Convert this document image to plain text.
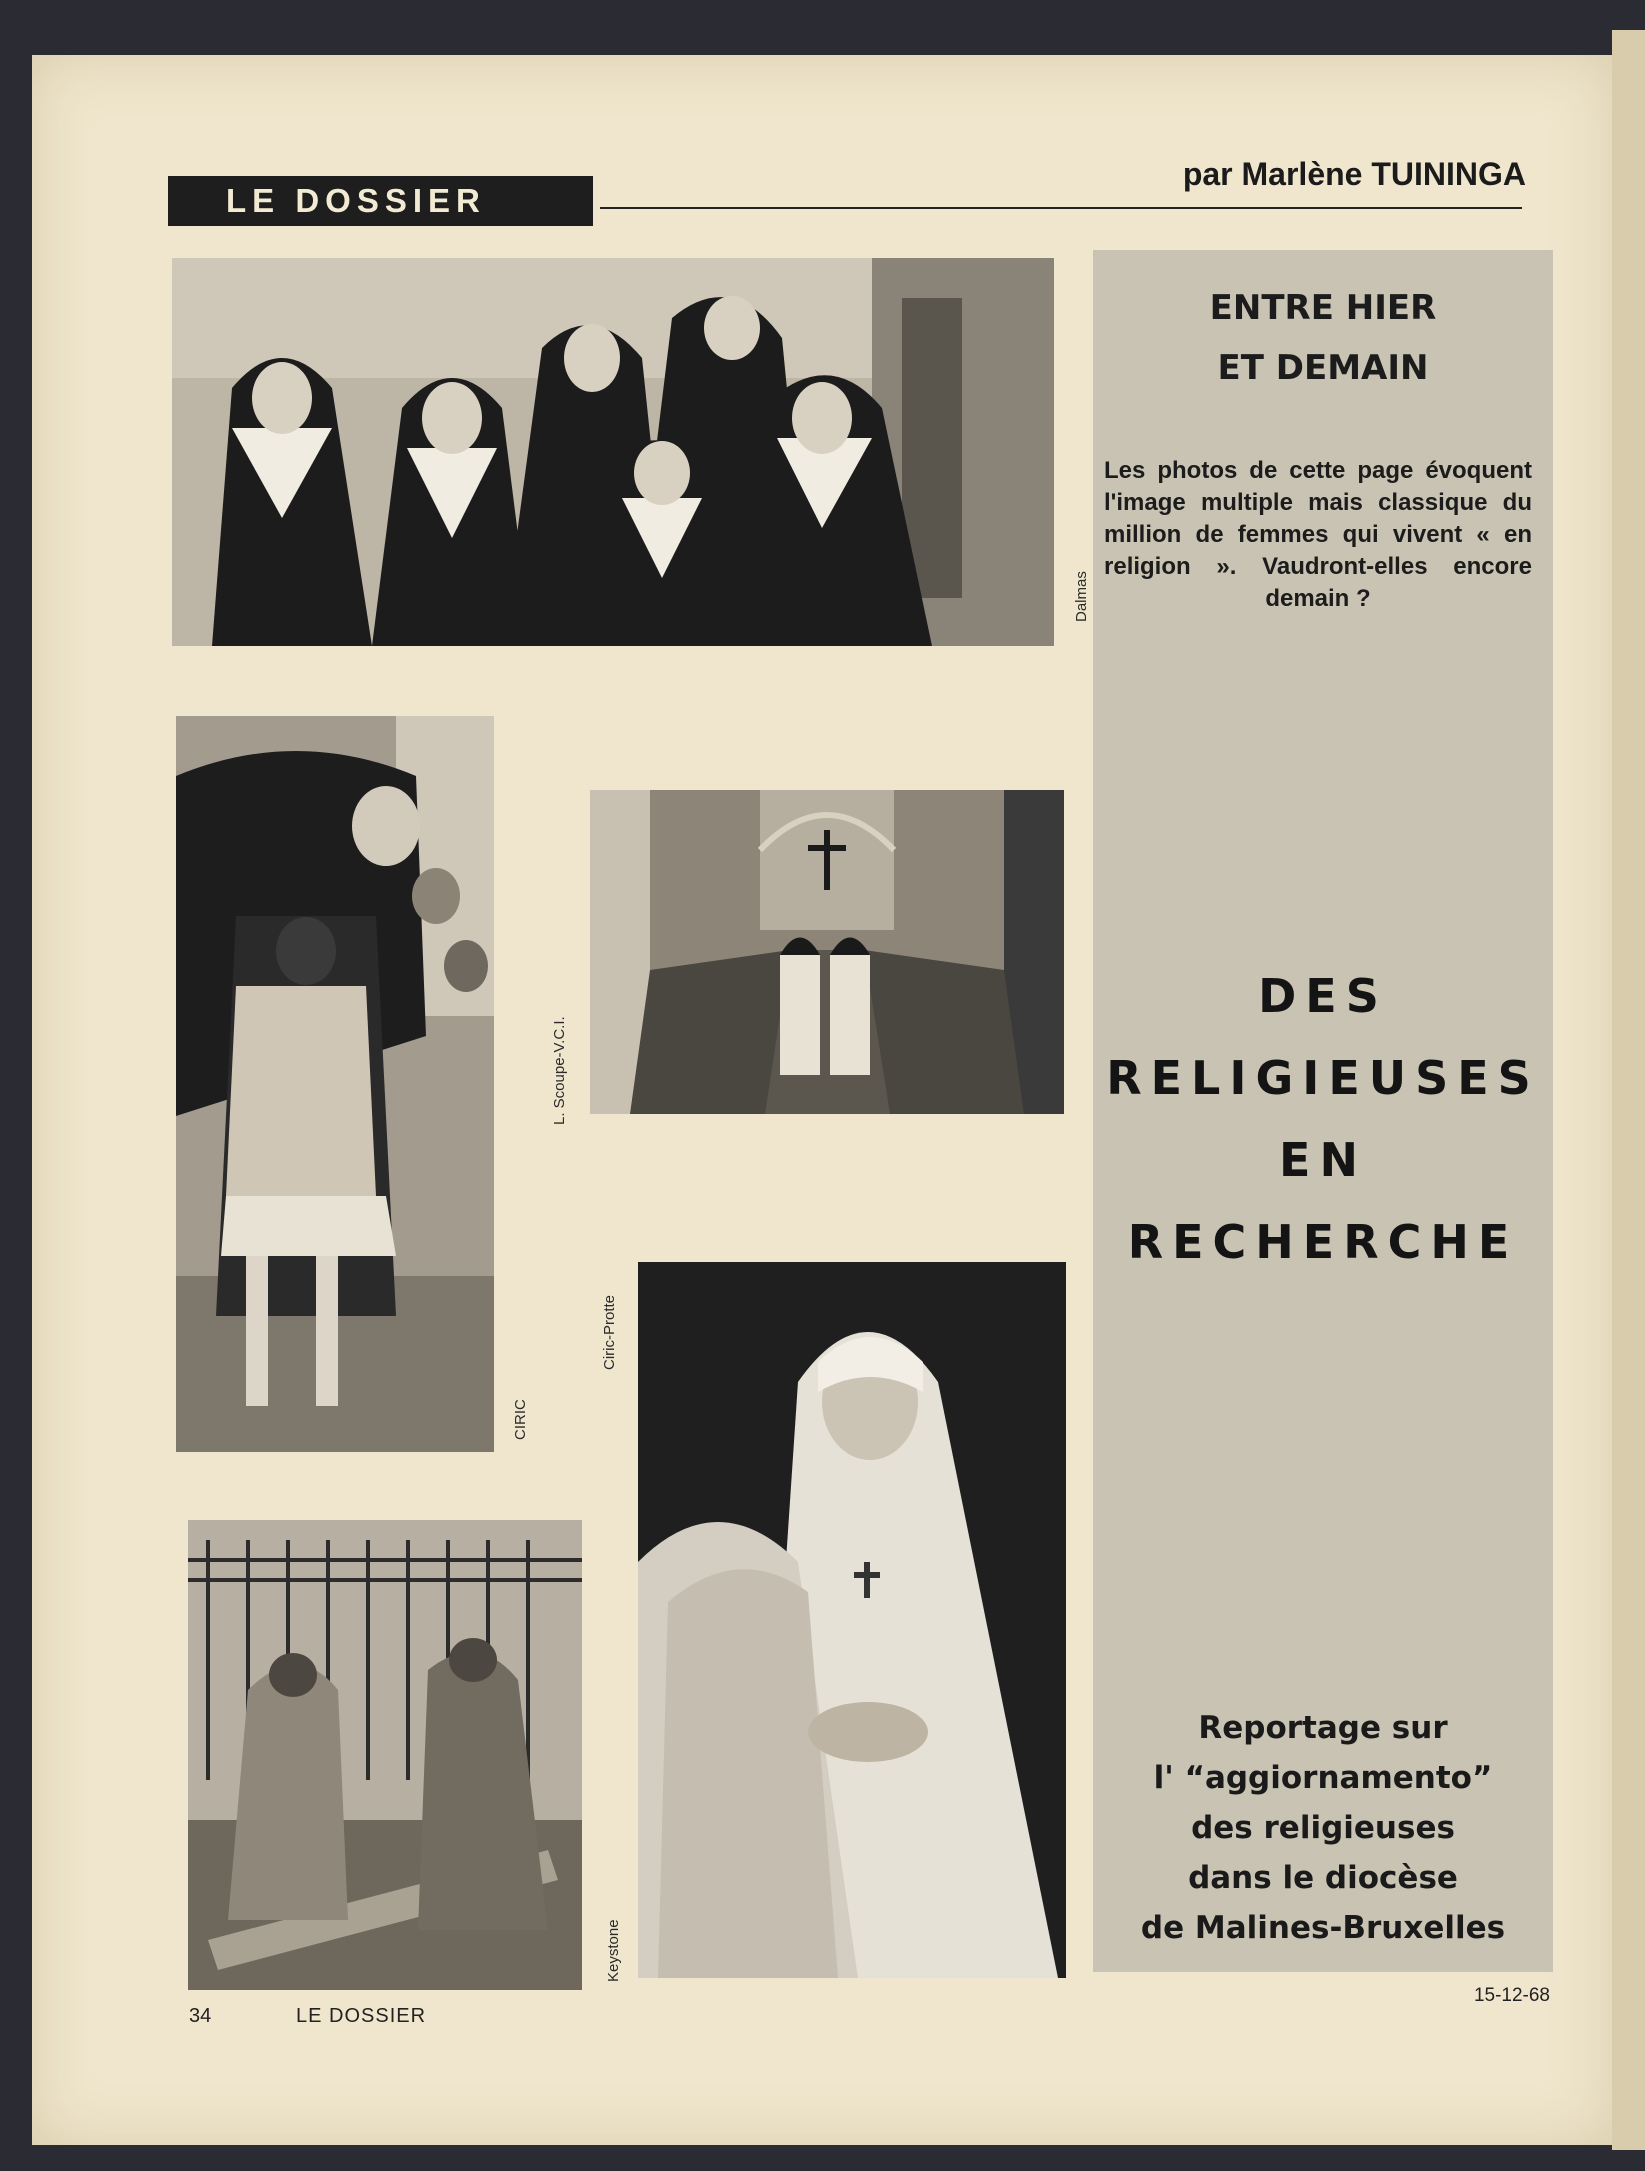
LE DOSSIER
par Marlène TUININGA
Dalmas
L. Scoupe-V.C.I.
CIRIC
Ciric-Protte
Keystone
ENTRE HIER
ET DEMAIN
Les photos de cette page évoquent l'image multiple mais classique du million de femmes qui vivent « en religion ». Vaudront-elles encore demain ?
DES
RELIGIEUSES
EN
RECHERCHE
Reportage sur
l' “aggiornamento”
des religieuses
dans le diocèse
de Malines-Bruxelles
34	LE DOSSIER
15-12-68
